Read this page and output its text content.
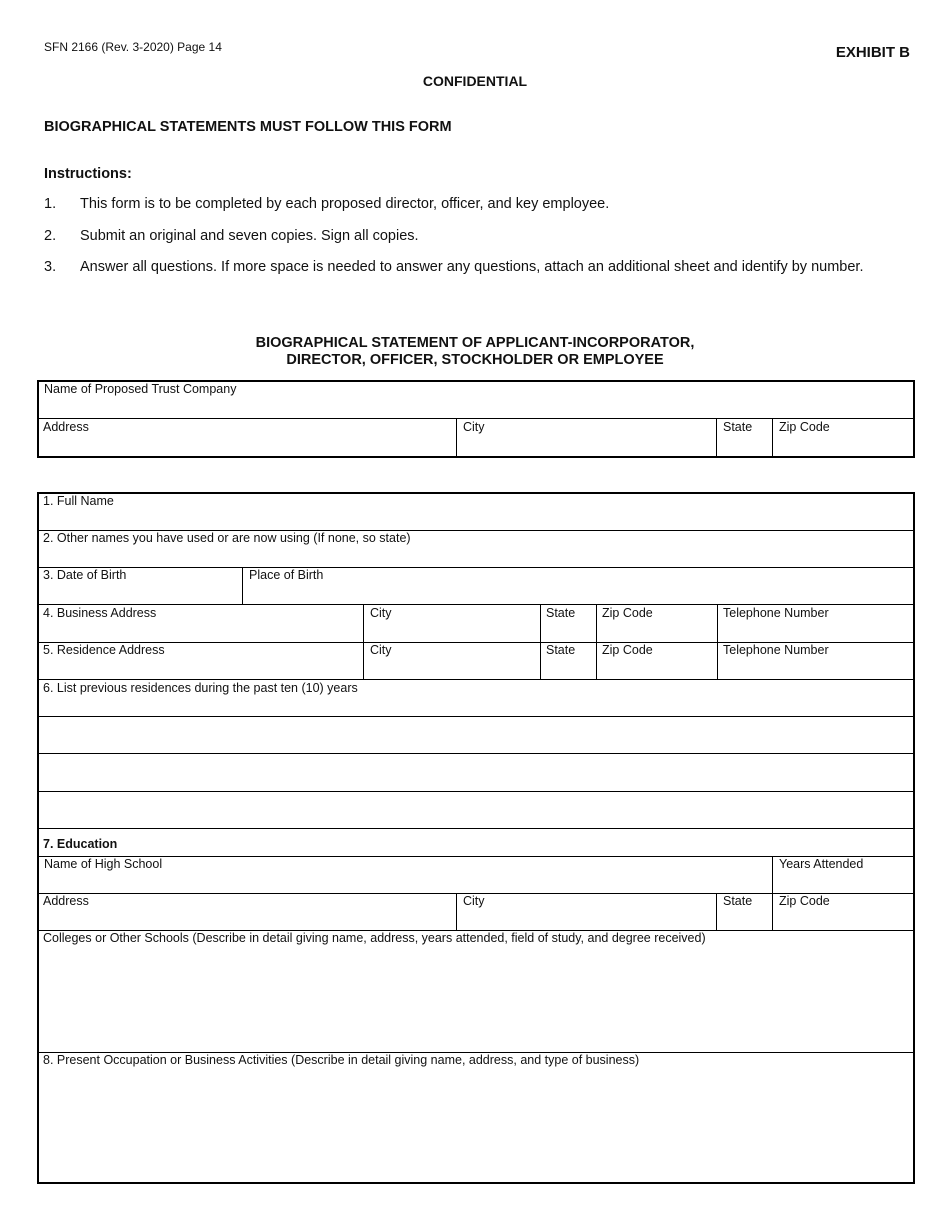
SFN 2166 (Rev. 3-2020) Page 14	EXHIBIT B
CONFIDENTIAL
BIOGRAPHICAL STATEMENTS MUST FOLLOW THIS FORM
Instructions:
1. This form is to be completed by each proposed director, officer, and key employee.
2. Submit an original and seven copies. Sign all copies.
3. Answer all questions. If more space is needed to answer any questions, attach an additional sheet and identify by number.
BIOGRAPHICAL STATEMENT OF APPLICANT-INCORPORATOR,
DIRECTOR, OFFICER, STOCKHOLDER OR EMPLOYEE
Name of Proposed Trust Company
Address	City	State Zip Code
1. Full Name
2. Other names you have used or are now using (If none, so state)
3. Date of Birth	Place of Birth
4. Business Address	City	State Zip Code	Telephone Number
5. Residence Address	City	State Zip Code	Telephone Number
6. List previous residences during the past ten (10) years
7. Education
Name of High School	Years Attended
Address	City	State Zip Code
Colleges or Other Schools (Describe in detail giving name, address, years attended, field of study, and degree received)
8. Present Occupation or Business Activities (Describe in detail giving name, address, and type of business)
